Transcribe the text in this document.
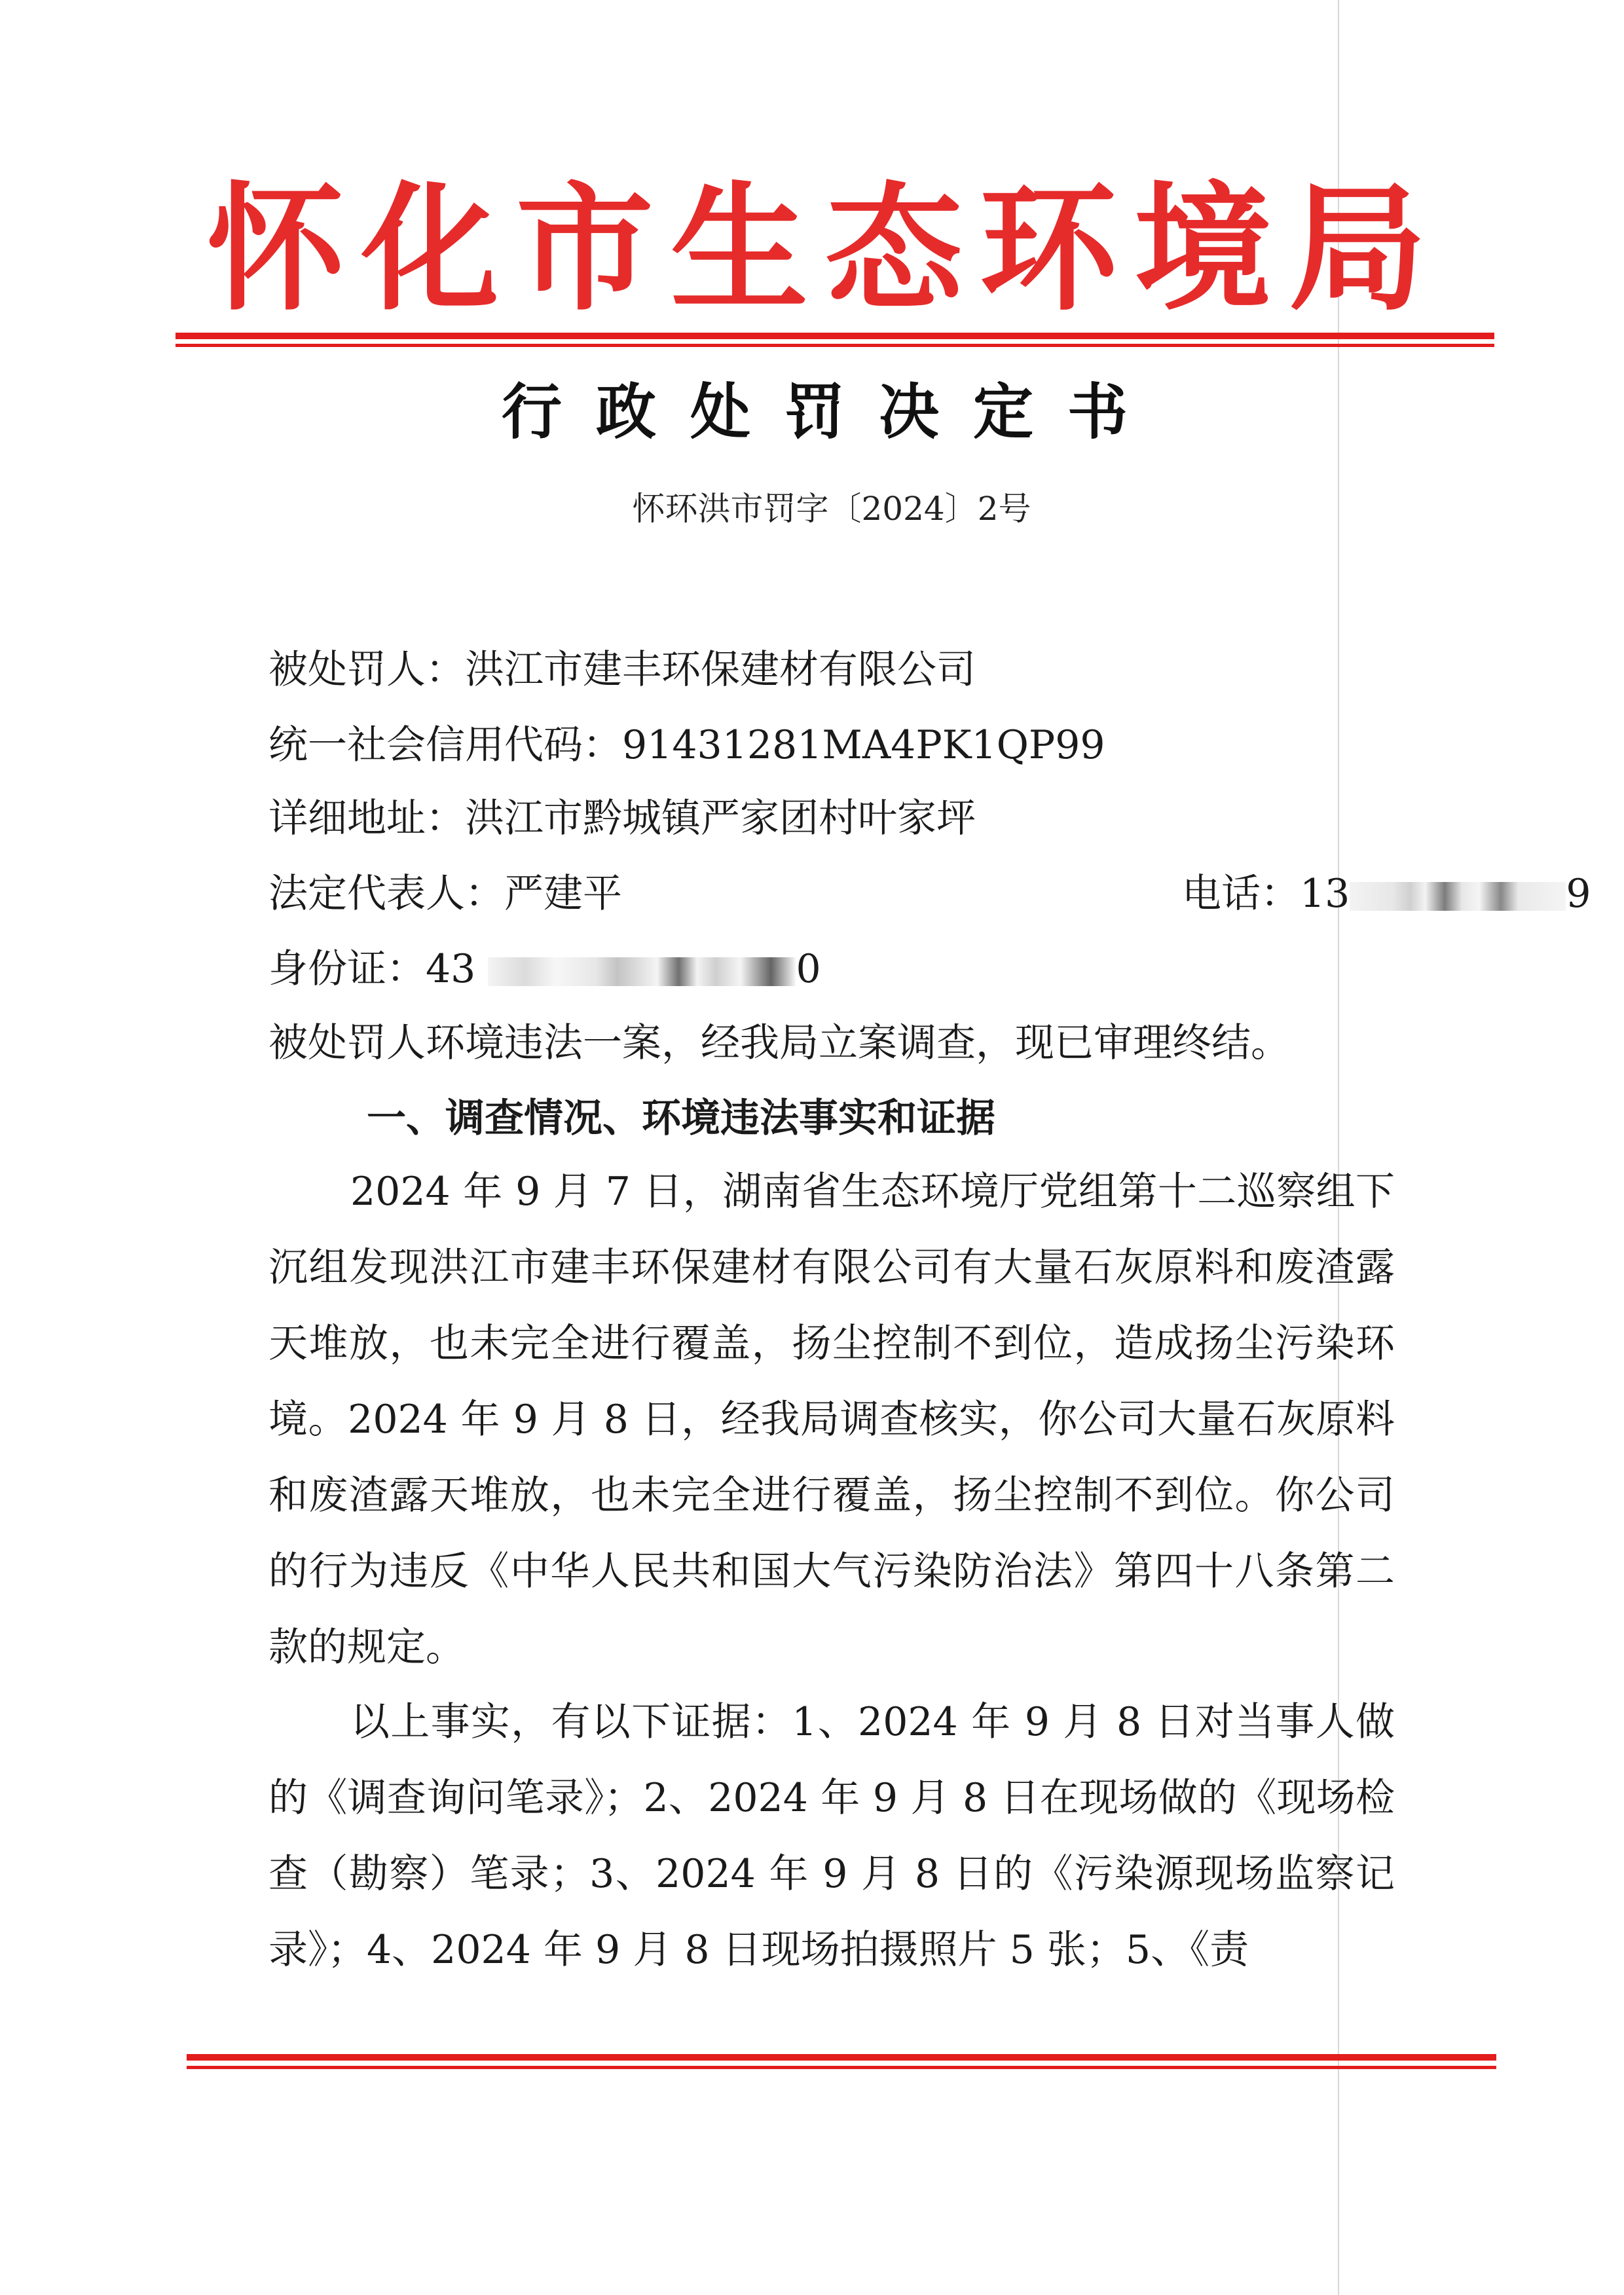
怀化市生态环境局
行政处罚决定书
怀环洪市罚字〔2024〕2号
被处罚人：洪江市建丰环保建材有限公司
统一社会信用代码：91431281MA4PK1QP99
详细地址：洪江市黔城镇严家团村叶家坪
法定代表人：严建平	电话：13	9
身份证：43	0
被处罚人环境违法一案，经我局立案调查，现已审理终结。
一、调查情况、环境违法事实和证据
2024 年 9 月 7 日，湖南省生态环境厅党组第十二巡察组下沉组发现洪江市建丰环保建材有限公司有大量石灰原料和废渣露天堆放，也未完全进行覆盖，扬尘控制不到位，造成扬尘污染环境。2024 年 9 月 8 日，经我局调查核实，你公司大量石灰原料和废渣露天堆放，也未完全进行覆盖，扬尘控制不到位。你公司的行为违反《中华人民共和国大气污染防治法》第四十八条第二款的规定。
以上事实，有以下证据：1、2024 年 9 月 8 日对当事人做的《调查询问笔录》；2、2024 年 9 月 8 日在现场做的《现场检查（勘察）笔录；3、2024 年 9 月 8 日的《污染源现场监察记录》；4、2024 年 9 月 8 日现场拍摄照片 5 张；5、《责
